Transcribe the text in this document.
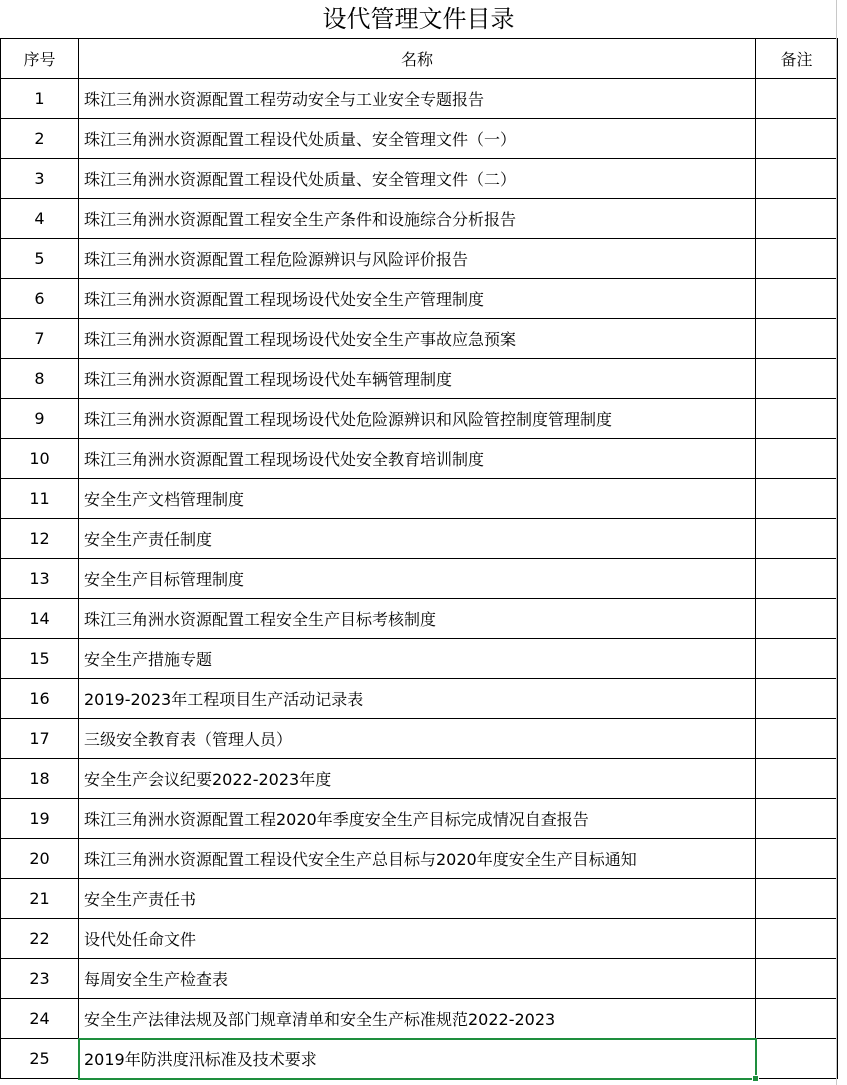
设代管理文件目录
序号	名称	备注
1	珠江三角洲水资源配置工程劳动安全与工业安全专题报告	
2	珠江三角洲水资源配置工程设代处质量、安全管理文件（一）	
3	珠江三角洲水资源配置工程设代处质量、安全管理文件（二）	
4	珠江三角洲水资源配置工程安全生产条件和设施综合分析报告	
5	珠江三角洲水资源配置工程危险源辨识与风险评价报告	
6	珠江三角洲水资源配置工程现场设代处安全生产管理制度	
7	珠江三角洲水资源配置工程现场设代处安全生产事故应急预案	
8	珠江三角洲水资源配置工程现场设代处车辆管理制度	
9	珠江三角洲水资源配置工程现场设代处危险源辨识和风险管控制度管理制度	
10	珠江三角洲水资源配置工程现场设代处安全教育培训制度	
11	安全生产文档管理制度	
12	安全生产责任制度	
13	安全生产目标管理制度	
14	珠江三角洲水资源配置工程安全生产目标考核制度	
15	安全生产措施专题	
16	2019-2023年工程项目生产活动记录表	
17	三级安全教育表（管理人员）	
18	安全生产会议纪要2022-2023年度	
19	珠江三角洲水资源配置工程2020年季度安全生产目标完成情况自查报告	
20	珠江三角洲水资源配置工程设代安全生产总目标与2020年度安全生产目标通知	
21	安全生产责任书	
22	设代处任命文件	
23	每周安全生产检查表	
24	安全生产法律法规及部门规章清单和安全生产标准规范2022-2023	
25	2019年防洪度汛标准及技术要求	
